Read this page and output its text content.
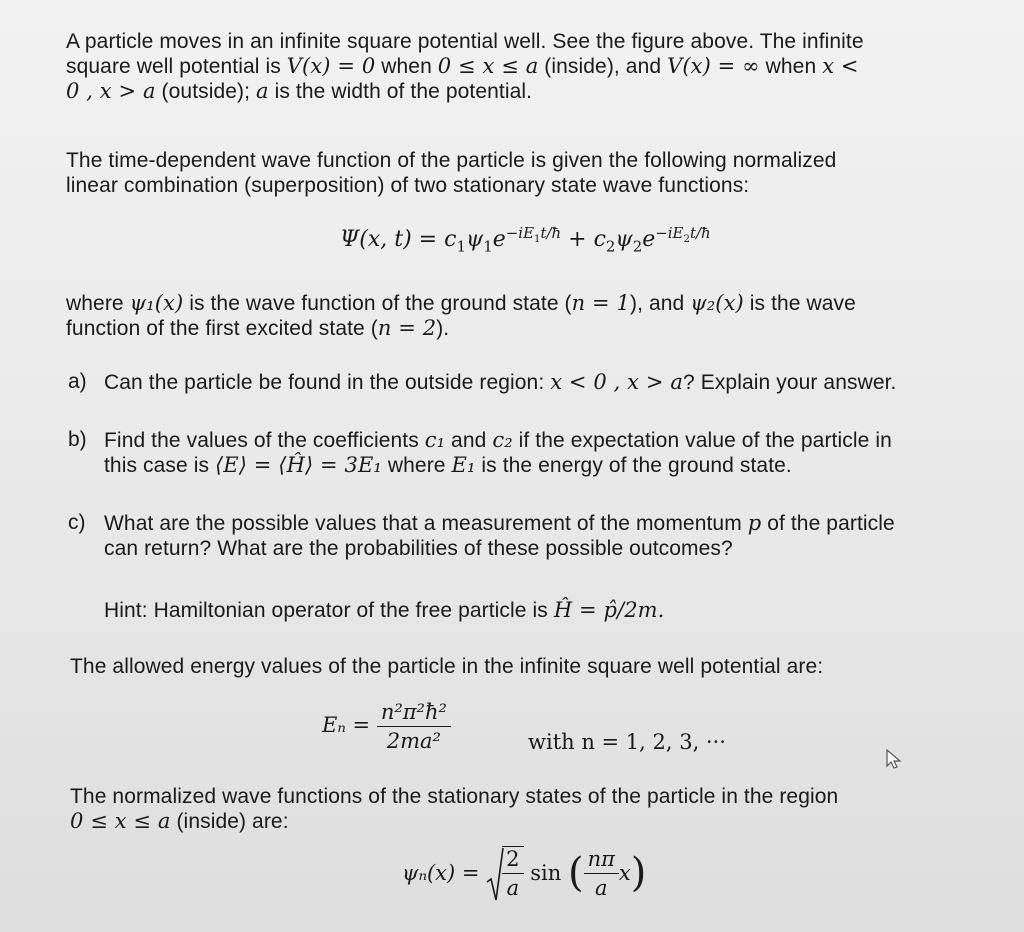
A particle moves in an infinite square potential well. See the figure above. The infinite
square well potential is V(x) = 0 when 0 ≤ x ≤ a (inside), and V(x) = ∞ when x <
0 , x > a (outside); a is the width of the potential.
The time-dependent wave function of the particle is given the following normalized
linear combination (superposition) of two stationary state wave functions:
Ψ(x, $t) = c_1\psi_1e^{-iE_1t/ħ} + c_2\psi_2e^{-iE_2t/ħ}$
where ψ₁(x) is the wave function of the ground state (n = 1), and ψ₂(x) is the wave
function of the first excited state (n = 2).
a) Can the particle be found in the outside region: x < 0 , x > a? Explain your answer.
b) Find the values of the coefficients c₁ and c₂ if the expectation value of the particle in
this case is ⟨E⟩ = ⟨Ĥ⟩ = 3E₁ where E₁ is the energy of the ground state.
c) What are the possible values that a measurement of the momentum p of the particle
can return? What are the probabilities of these possible outcomes?
Hint: Hamiltonian operator of the free particle is Ĥ = p̂/2m.
The allowed energy values of the particle in the infinite square well potential are:
$E_n = \frac{\text{n²π²ħ²}}{\text{2ma²}}$	with n = 1, 2, 3, ···
The normalized wave functions of the stationary states of the particle in the region
0 ≤ x ≤ a (inside) are:
$\psi_n(x) = \frac{2}{a}$ sin ( $\frac{n\pi}{a} x$)
